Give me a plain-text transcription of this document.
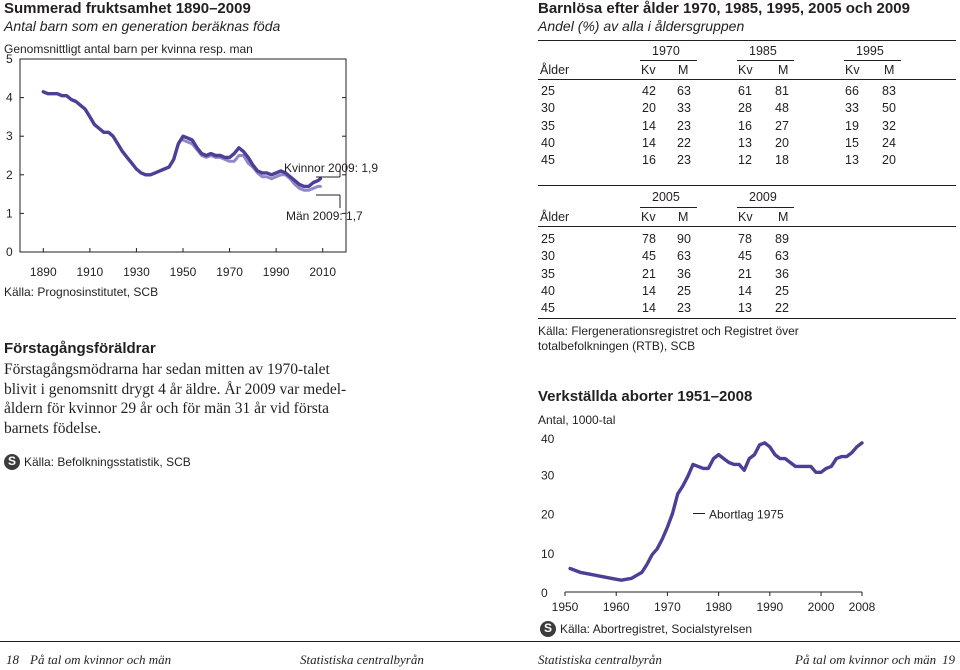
Summerad fruktsamhet 1890–2009
Antal barn som en generation beräknas föda
Genomsnittligt antal barn per kvinna resp. man
0
1
2
3
4
5
1890 1910 1930 1950 1970 1990 2010
Kvinnor 2009: 1,9
Män 2009: 1,7
Källa: Prognosinstitutet, SCB
Förstagångsföräldrar
Förstagångsmödrarna har sedan mitten av 1970-talet
blivit i genomsnitt drygt 4 år äldre. År 2009 var medel-
åldern för kvinnor 29 år och för män 31 år vid första
barnets födelse.
S
Källa: Befolkningsstatistik, SCB
Barnlösa efter ålder 1970, 1985, 1995, 2005 och 2009
Andel (%) av alla i åldersgruppen
1970	1985	1995
Ålder	Kv M	Kv M	Kv M
25	42 63	61 81	66 83
30	20 33	28 48	33 50
35	14 23	16 27	19 32
40	14 22	13 20	15 24
45	16 23	12 18	13 20
2005	2009
Ålder	Kv M	Kv M
25	78 90	78 89
30	45 63	45 63
35	21 36	21 36
40	14 25	14 25
45	14 23	13 22
Källa: Flergenerationsregistret och Registret över
totalbefolkningen (RTB), SCB
Verkställda aborter 1951–2008
Antal, 1000-tal
0
10
20
30
40
1950 1960 1970 1980 1990 2000 2008
Abortlag 1975
S
Källa: Abortregistret, Socialstyrelsen
18 På tal om kvinnor och män	Statistiska centralbyrån	Statistiska centralbyrån	På tal om kvinnor och män 19
